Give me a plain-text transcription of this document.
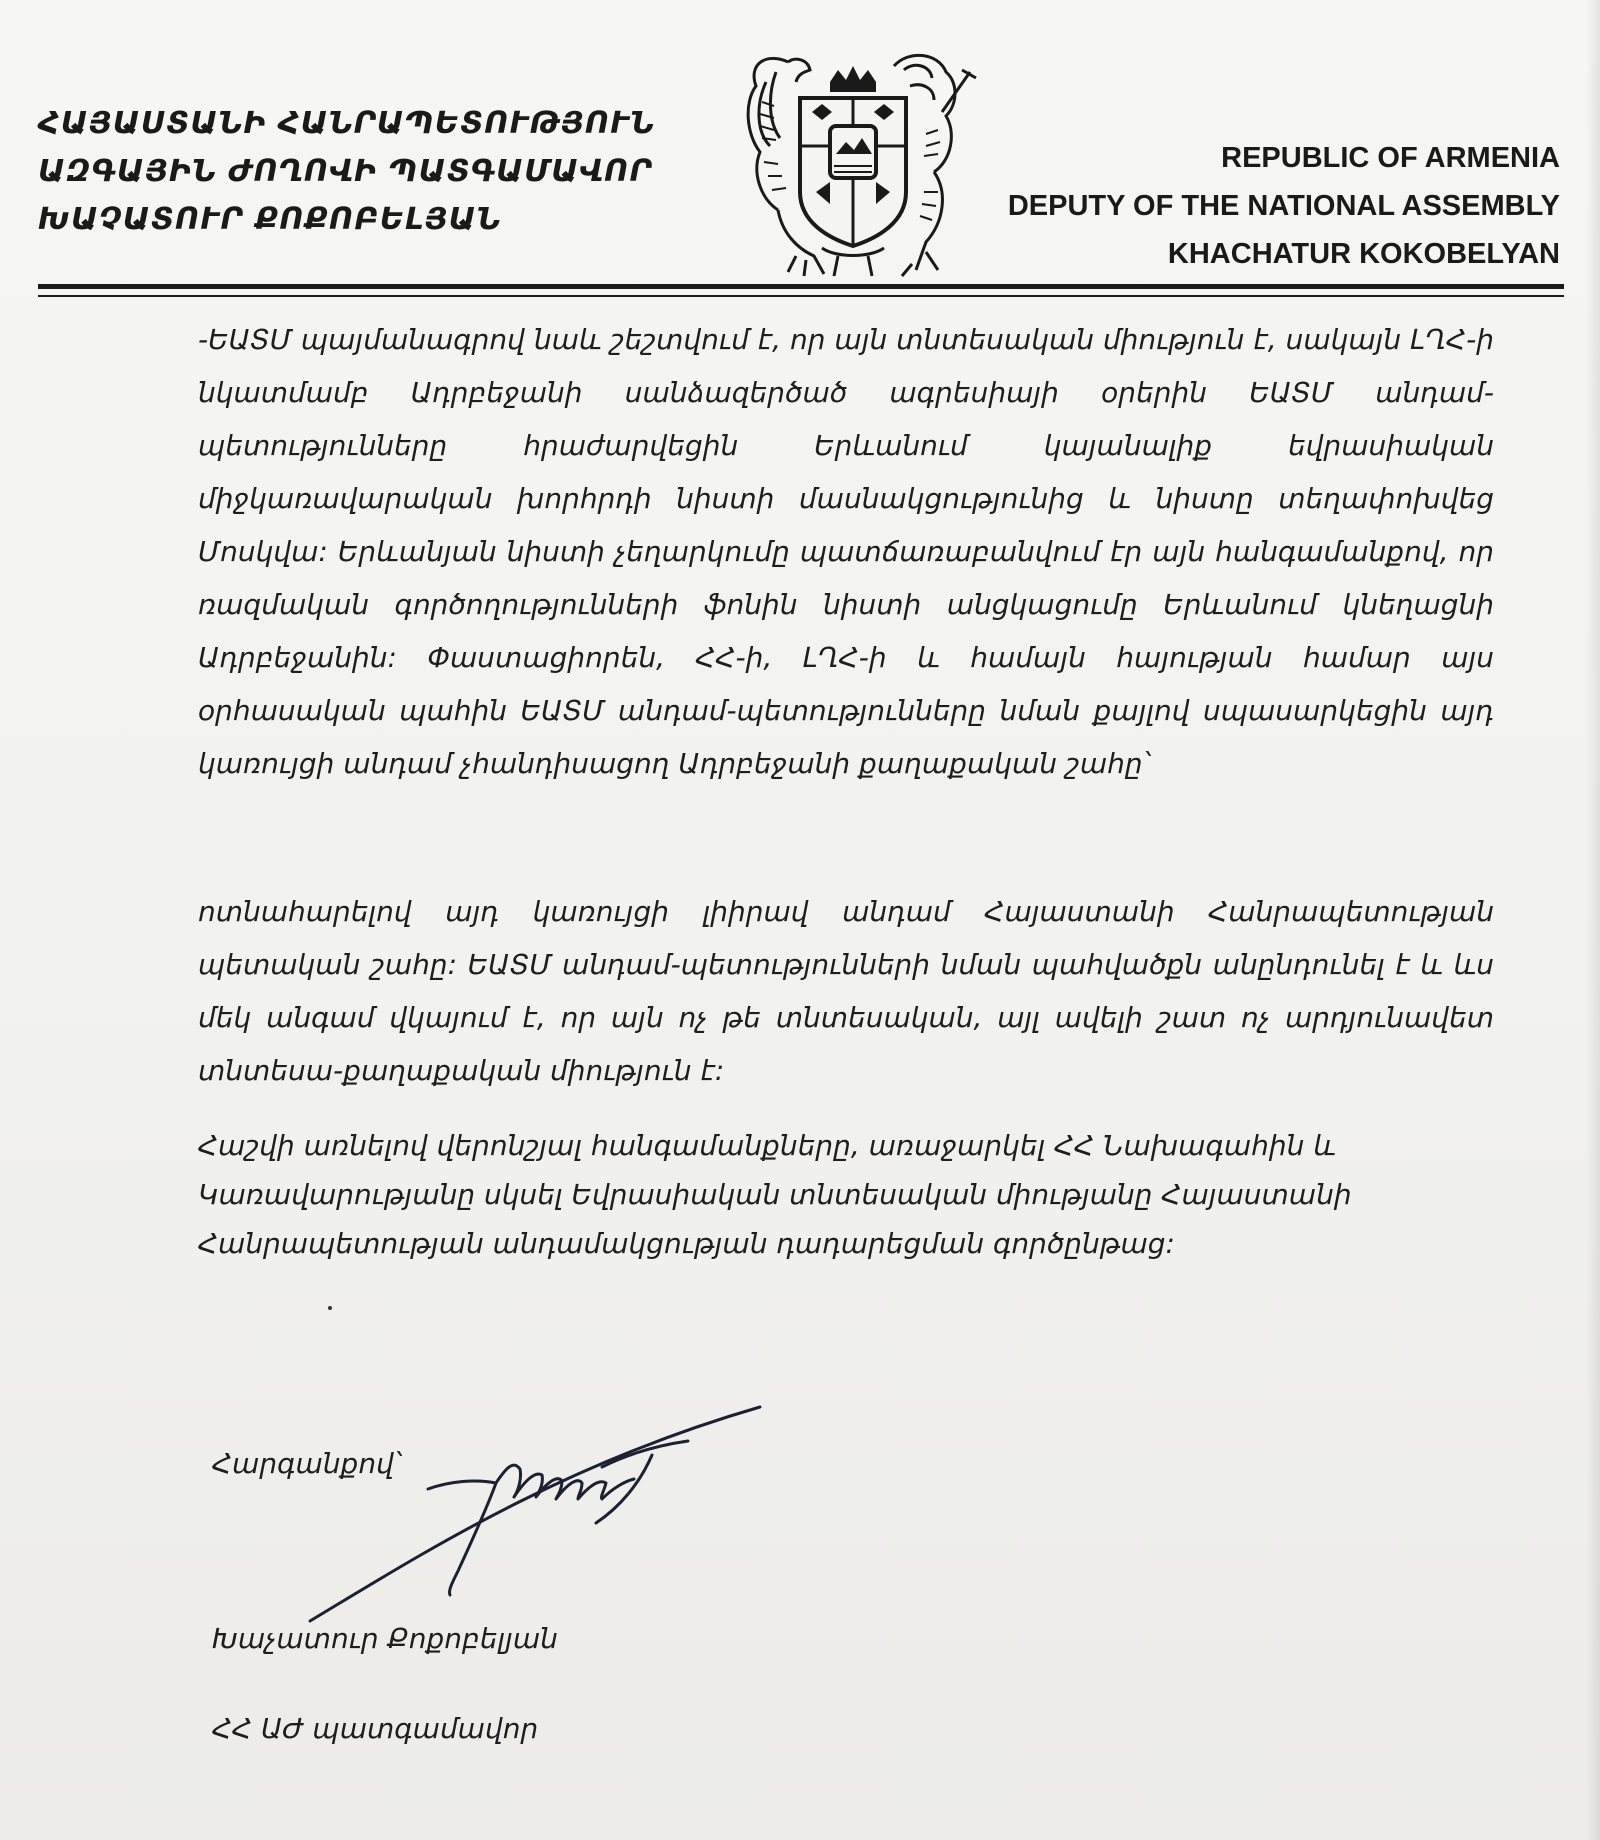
ՀԱՅԱՍՏԱՆԻ ՀԱՆՐԱՊԵՏՈՒԹՅՈՒՆ
ԱԶԳԱՅԻՆ ԺՈՂՈՎԻ ՊԱՏԳԱՄԱՎՈՐ
ԽԱՉԱՏՈՒՐ ՔՈՔՈԲԵԼՅԱՆ
REPUBLIC OF ARMENIA
DEPUTY OF THE NATIONAL ASSEMBLY
KHACHATUR KOKOBELYAN
-ԵԱՏՄ պայմանագրով նաև շեշտվում է, որ այն տնտեսական միություն է, սակայն ԼՂՀ-ի նկատմամբ Ադրբեջանի սանձազերծած ագրեսիայի օրերին ԵԱՏՄ անդամ-պետությունները հրաժարվեցին Երևանում կայանալիք եվրասիական միջկառավարական խորհրդի նիստի մասնակցությունից և նիստը տեղափոխվեց Մոսկվա: Երևանյան նիստի չեղարկումը պատճառաբանվում էր այն հանգամանքով, որ ռազմական գործողությունների ֆոնին նիստի անցկացումը Երևանում կնեղացնի Ադրբեջանին: Փաստացիորեն, ՀՀ-ի, ԼՂՀ-ի և համայն հայության համար այս օրհասական պահին ԵԱՏՄ անդամ-պետությունները նման քայլով սպասարկեցին այդ կառույցի անդամ չհանդիսացող Ադրբեջանի քաղաքական շահը՝
ոտնահարելով այդ կառույցի լիիրավ անդամ Հայաստանի Հանրապետության պետական շահը: ԵԱՏՄ անդամ-պետությունների նման պահվածքն անընդունել է և ևս մեկ անգամ վկայում է, որ այն ոչ թե տնտեսական, այլ ավելի շատ ոչ արդյունավետ տնտեսա-քաղաքական միություն է:
Հաշվի առնելով վերոնշյալ հանգամանքները, առաջարկել ՀՀ Նախագահին և Կառավարությանը սկսել Եվրասիական տնտեսական միությանը Հայաստանի Հանրապետության անդամակցության դադարեցման գործընթաց:
Հարգանքով՝
Խաչատուր Քոքոբելյան
ՀՀ ԱԺ պատգամավոր
